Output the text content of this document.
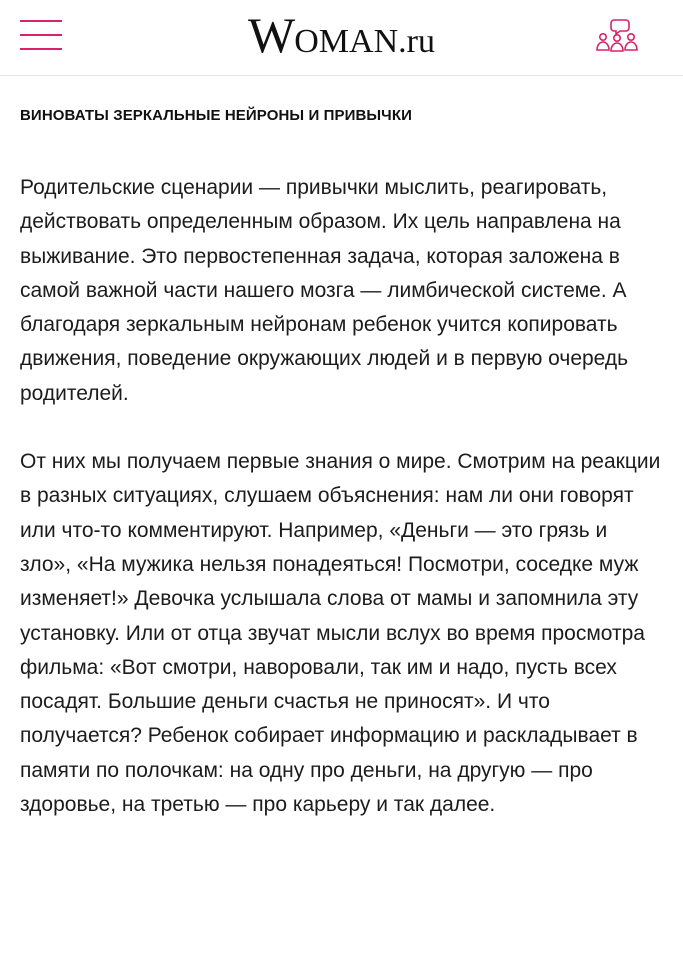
WOMAN.ru
ВИНОВАТЫ ЗЕРКАЛЬНЫЕ НЕЙРОНЫ И ПРИВЫЧКИ

Родительские сценарии — привычки мыслить, реагировать, действовать определенным образом. Их цель направлена на выживание. Это первостепенная задача, которая заложена в самой важной части нашего мозга — лимбической системе. А благодаря зеркальным нейронам ребенок учится копировать движения, поведение окружающих людей и в первую очередь родителей.

От них мы получаем первые знания о мире. Смотрим на реакции в разных ситуациях, слушаем объяснения: нам ли они говорят или что-то комментируют. Например, «Деньги — это грязь и зло», «На мужика нельзя понадеяться! Посмотри, соседке муж изменяет!» Девочка услышала слова от мамы и запомнила эту установку. Или от отца звучат мысли вслух во время просмотра фильма: «Вот смотри, наворовали, так им и надо, пусть всех посадят. Большие деньги счастья не приносят». И что получается? Ребенок собирает информацию и раскладывает в памяти по полочкам: на одну про деньги, на другую — про здоровье, на третью — про карьеру и так далее.
